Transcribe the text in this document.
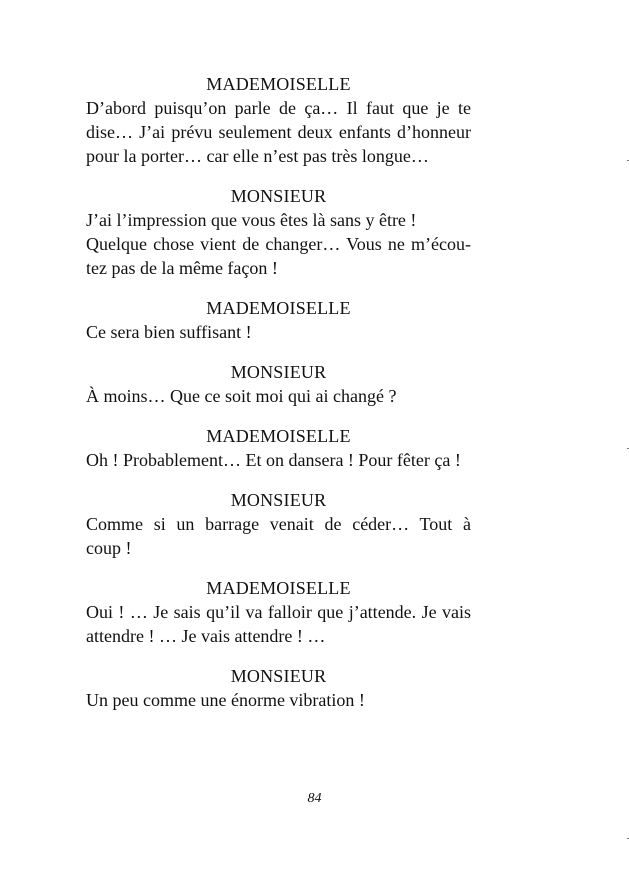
MADEMOISELLE

D’abord puisqu’on parle de ça… Il faut que je te

dise… J’ai prévu seulement deux enfants d’honneur

pour la porter… car elle n’est pas très longue…

MONSIEUR

J’ai l’impression que vous êtes là sans y être !

Quelque chose vient de changer… Vous ne m’écou-

tez pas de la même façon !

MADEMOISELLE

Ce sera bien suffisant !

MONSIEUR

À moins… Que ce soit moi qui ai changé ?

MADEMOISELLE

Oh ! Probablement… Et on dansera ! Pour fêter ça !

MONSIEUR

Comme si un barrage venait de céder… Tout à

coup !

MADEMOISELLE

Oui ! … Je sais qu’il va falloir que j’attende. Je vais

attendre ! … Je vais attendre ! …

MONSIEUR

Un peu comme une énorme vibration !

84
